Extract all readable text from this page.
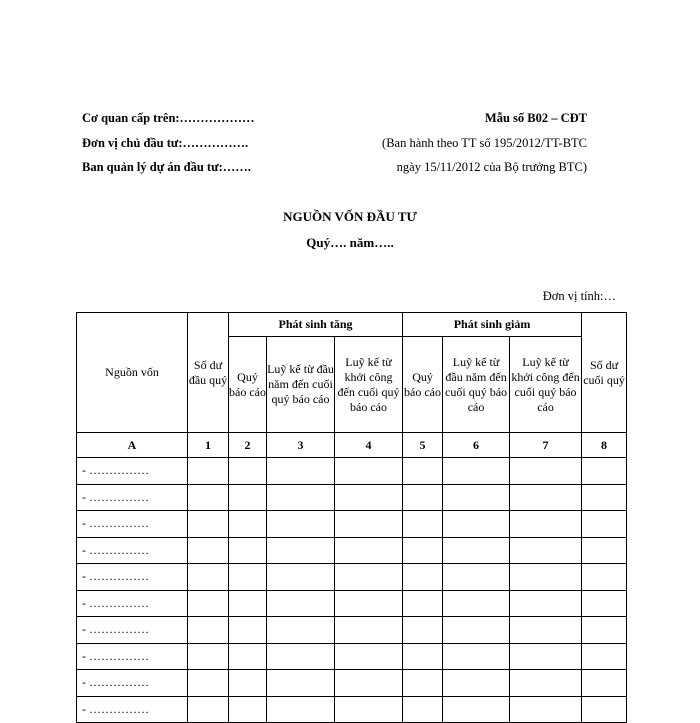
Cơ quan cấp trên:………………
Đơn vị chủ đầu tư:…………….
Ban quản lý dự án đầu tư:…….
Mẫu số B02 – CĐT
(Ban hành theo TT số 195/2012/TT-BTC
ngày 15/11/2012 của Bộ trưởng BTC)
NGUỒN VỐN ĐẦU TƯ
Quý…. năm…..
Đơn vị tính:…
Nguồn vốn	Số dư đầu quý	Phát sinh tăng			Phát sinh giảm			Số dư cuối quý
		Quý báo cáo	Luỹ kế từ đầu năm đến cuối quý báo cáo	Luỹ kế từ khởi công đến cuối quý báo cáo	Quý báo cáo	Luỹ kế từ đầu năm đến cuối quý báo cáo	Luỹ kế từ khởi công đến cuối quý báo cáo	
A	1	2	3	4	5	6	7	8
- ……………								
- ……………								
- ……………								
- ……………								
- ……………								
- ……………								
- ……………								
- ……………								
- ……………								
- ……………								
